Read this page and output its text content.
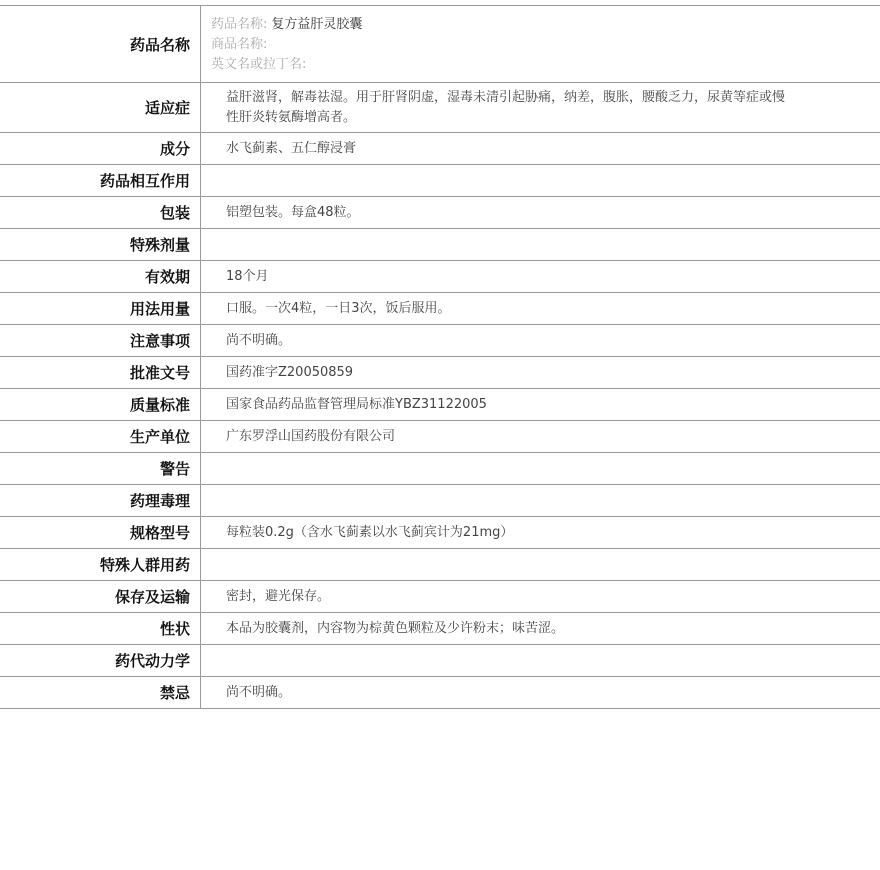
药品名称	药品名称: 复方益肝灵胶囊
商品名称:
英文名或拉丁名:

适应症	益肝滋肾，解毒祛湿。用于肝肾阴虚，湿毒未清引起胁痛，纳差，腹胀，腰酸乏力，尿黄等症或慢性肝炎转氨酶增高者。

成分	水飞蓟素、五仁醇浸膏
药品相互作用	
包装	铝塑包装。每盒48粒。
特殊剂量	
有效期	18个月
用法用量	口服。一次4粒，一日3次，饭后服用。
注意事项	尚不明确。
批准文号	国药准字Z20050859
质量标准	国家食品药品监督管理局标准YBZ31122005
生产单位	广东罗浮山国药股份有限公司
警告	
药理毒理	
规格型号	每粒装0.2g（含水飞蓟素以水飞蓟宾计为21mg）
特殊人群用药	
保存及运输	密封，避光保存。
性状	本品为胶囊剂，内容物为棕黄色颗粒及少许粉末；味苦涩。
药代动力学	
禁忌	尚不明确。
